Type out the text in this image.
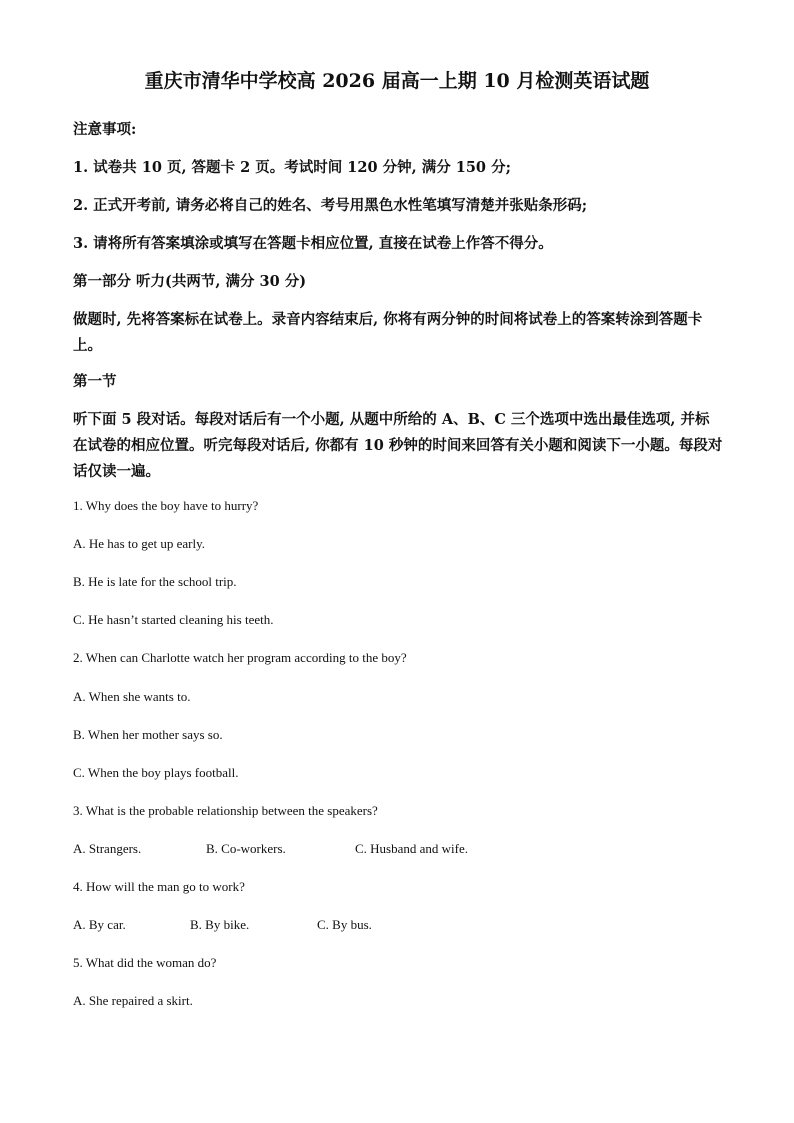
重庆市清华中学校高 2026 届高一上期 10 月检测英语试题

注意事项:

1. 试卷共 10 页, 答题卡 2 页。考试时间 120 分钟, 满分 150 分;

2. 正式开考前, 请务必将自己的姓名、考号用黑色水性笔填写清楚并张贴条形码;

3. 请将所有答案填涂或填写在答题卡相应位置, 直接在试卷上作答不得分。

第一部分 听力(共两节, 满分 30 分)

做题时, 先将答案标在试卷上。录音内容结束后, 你将有两分钟的时间将试卷上的答案转涂到答题卡上。

第一节

听下面 5 段对话。每段对话后有一个小题, 从题中所给的 A、B、C 三个选项中选出最佳选项, 并标在试卷的相应位置。听完每段对话后, 你都有 10 秒钟的时间来回答有关小题和阅读下一小题。每段对话仅读一遍。

1. Why does the boy have to hurry?

A. He has to get up early.

B. He is late for the school trip.

C. He hasn’t started cleaning his teeth.

2. When can Charlotte watch her program according to the boy?

A. When she wants to.

B. When her mother says so.

C. When the boy plays football.

3. What is the probable relationship between the speakers?

A. Strangers.	B. Co-workers.	C. Husband and wife.

4. How will the man go to work?

A. By car.	B. By bike.	C. By bus.

5. What did the woman do?

A. She repaired a skirt.
